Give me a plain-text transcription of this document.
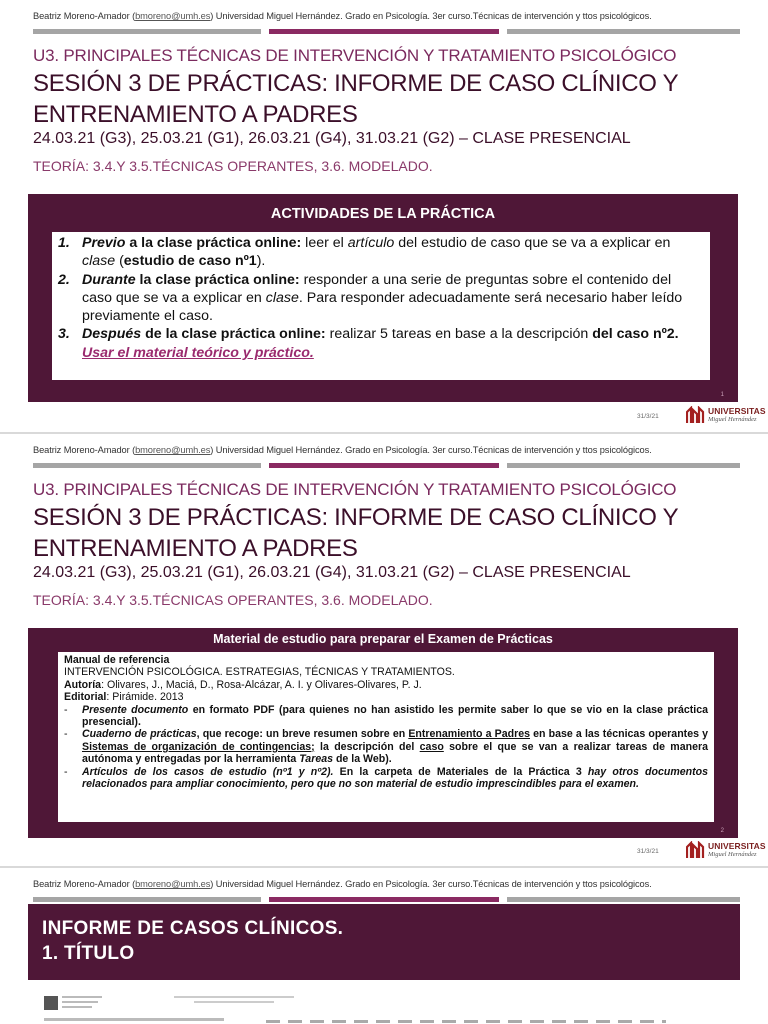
Beatriz Moreno-Amador (bmoreno@umh.es) Universidad Miguel Hernández. Grado en Psicología. 3er curso.Técnicas de intervención y ttos psicológicos.
U3. PRINCIPALES TÉCNICAS DE INTERVENCIÓN Y TRATAMIENTO PSICOLÓGICO
SESIÓN 3 DE PRÁCTICAS: INFORME DE CASO CLÍNICO Y ENTRENAMIENTO A PADRES
24.03.21 (G3), 25.03.21 (G1), 26.03.21 (G4), 31.03.21 (G2) – CLASE PRESENCIAL
TEORÍA: 3.4.Y 3.5.TÉCNICAS OPERANTES, 3.6. MODELADO.
ACTIVIDADES DE LA PRÁCTICA
1. Previo a la clase práctica online: leer el artículo del estudio de caso que se va a explicar en clase (estudio de caso nº1).
2. Durante la clase práctica online: responder a una serie de preguntas sobre el contenido del caso que se va a explicar en clase. Para responder adecuadamente será necesario haber leído previamente el caso.
3. Después de la clase práctica online: realizar 5 tareas en base a la descripción del caso nº2. Usar el material teórico y práctico.
1
31/3/21
UNIVERSITAS
Miguel Hernández
Beatriz Moreno-Amador (bmoreno@umh.es) Universidad Miguel Hernández. Grado en Psicología. 3er curso.Técnicas de intervención y ttos psicológicos.
U3. PRINCIPALES TÉCNICAS DE INTERVENCIÓN Y TRATAMIENTO PSICOLÓGICO
SESIÓN 3 DE PRÁCTICAS: INFORME DE CASO CLÍNICO Y ENTRENAMIENTO A PADRES
24.03.21 (G3), 25.03.21 (G1), 26.03.21 (G4), 31.03.21 (G2) – CLASE PRESENCIAL
TEORÍA: 3.4.Y 3.5.TÉCNICAS OPERANTES, 3.6. MODELADO.
Material de estudio para preparar el Examen de Prácticas
Manual de referencia
INTERVENCIÓN PSICOLÓGICA. ESTRATEGIAS, TÉCNICAS Y TRATAMIENTOS.
Autoría: Olivares, J., Maciá, D., Rosa-Alcázar, A. I. y Olivares-Olivares, P. J.
Editorial: Pirámide. 2013
- Presente documento en formato PDF (para quienes no han asistido les permite saber lo que se vio en la clase práctica presencial).
- Cuaderno de prácticas, que recoge: un breve resumen sobre en Entrenamiento a Padres en base a las técnicas operantes y Sistemas de organización de contingencias; la descripción del caso sobre el que se van a realizar tareas de manera autónoma y entregadas por la herramienta Tareas de la Web).
- Artículos de los casos de estudio (nº1 y nº2). En la carpeta de Materiales de la Práctica 3 hay otros documentos relacionados para ampliar conocimiento, pero que no son material de estudio imprescindibles para el examen.
2
31/3/21
UNIVERSITAS
Miguel Hernández
Beatriz Moreno-Amador (bmoreno@umh.es) Universidad Miguel Hernández. Grado en Psicología. 3er curso.Técnicas de intervención y ttos psicológicos.
INFORME DE CASOS CLÍNICOS.
1. TÍTULO
